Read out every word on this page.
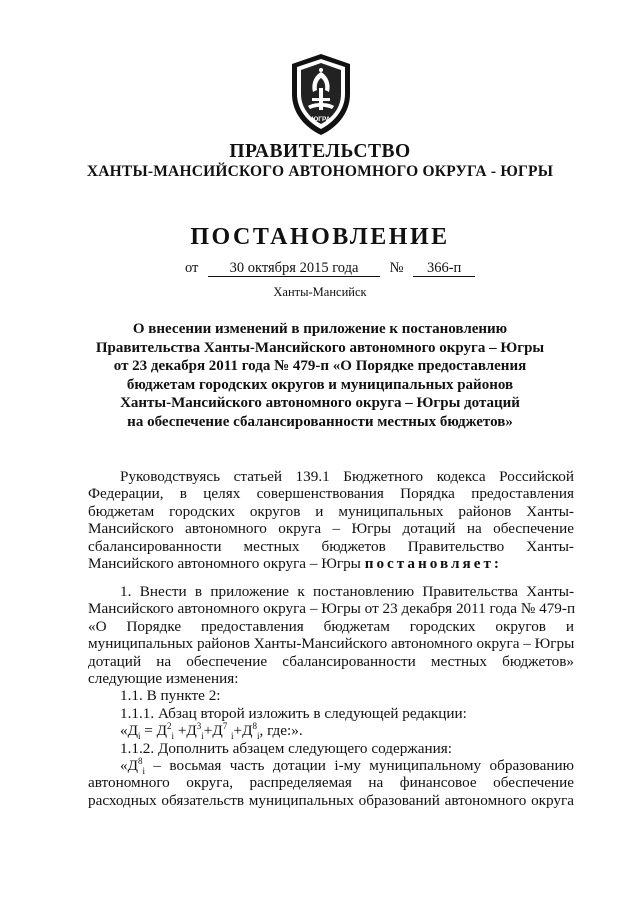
ЮГРА
ПРАВИТЕЛЬСТВО
ХАНТЫ-МАНСИЙСКОГО АВТОНОМНОГО ОКРУГА - ЮГРЫ
ПОСТАНОВЛЕНИЕ
от 30 октября 2015 года № 366-п
Ханты-Мансийск
О внесении изменений в приложение к постановлению
Правительства Ханты-Мансийского автономного округа – Югры
от 23 декабря 2011 года № 479-п «О Порядке предоставления
бюджетам городских округов и муниципальных районов
Ханты-Мансийского автономного округа – Югры дотаций
на обеспечение сбалансированности местных бюджетов»
Руководствуясь статьей 139.1 Бюджетного кодекса Российской
Федерации, в целях совершенствования Порядка предоставления
бюджетам городских округов и муниципальных районов Ханты-
Мансийского автономного округа – Югры дотаций на обеспечение
сбалансированности местных бюджетов Правительство Ханты-
Мансийского автономного округа – Югры постановляет:
1. Внести в приложение к постановлению Правительства Ханты-
Мансийского автономного округа – Югры от 23 декабря 2011 года № 479-п
«О Порядке предоставления бюджетам городских округов и
муниципальных районов Ханты-Мансийского автономного округа – Югры
дотаций на обеспечение сбалансированности местных бюджетов»
следующие изменения:
1.1. В пункте 2:
1.1.1. Абзац второй изложить в следующей редакции:
«$Д_i = Д^2_i +Д^3_i+Д^7$ $_i+Д^8_i$, где:».
1.1.2. Дополнить абзацем следующего содержания:
«$Д^8_i$ – восьмая часть дотации i-му муниципальному образованию
автономного округа, распределяемая на финансовое обеспечение
расходных обязательств муниципальных образований автономного округа
